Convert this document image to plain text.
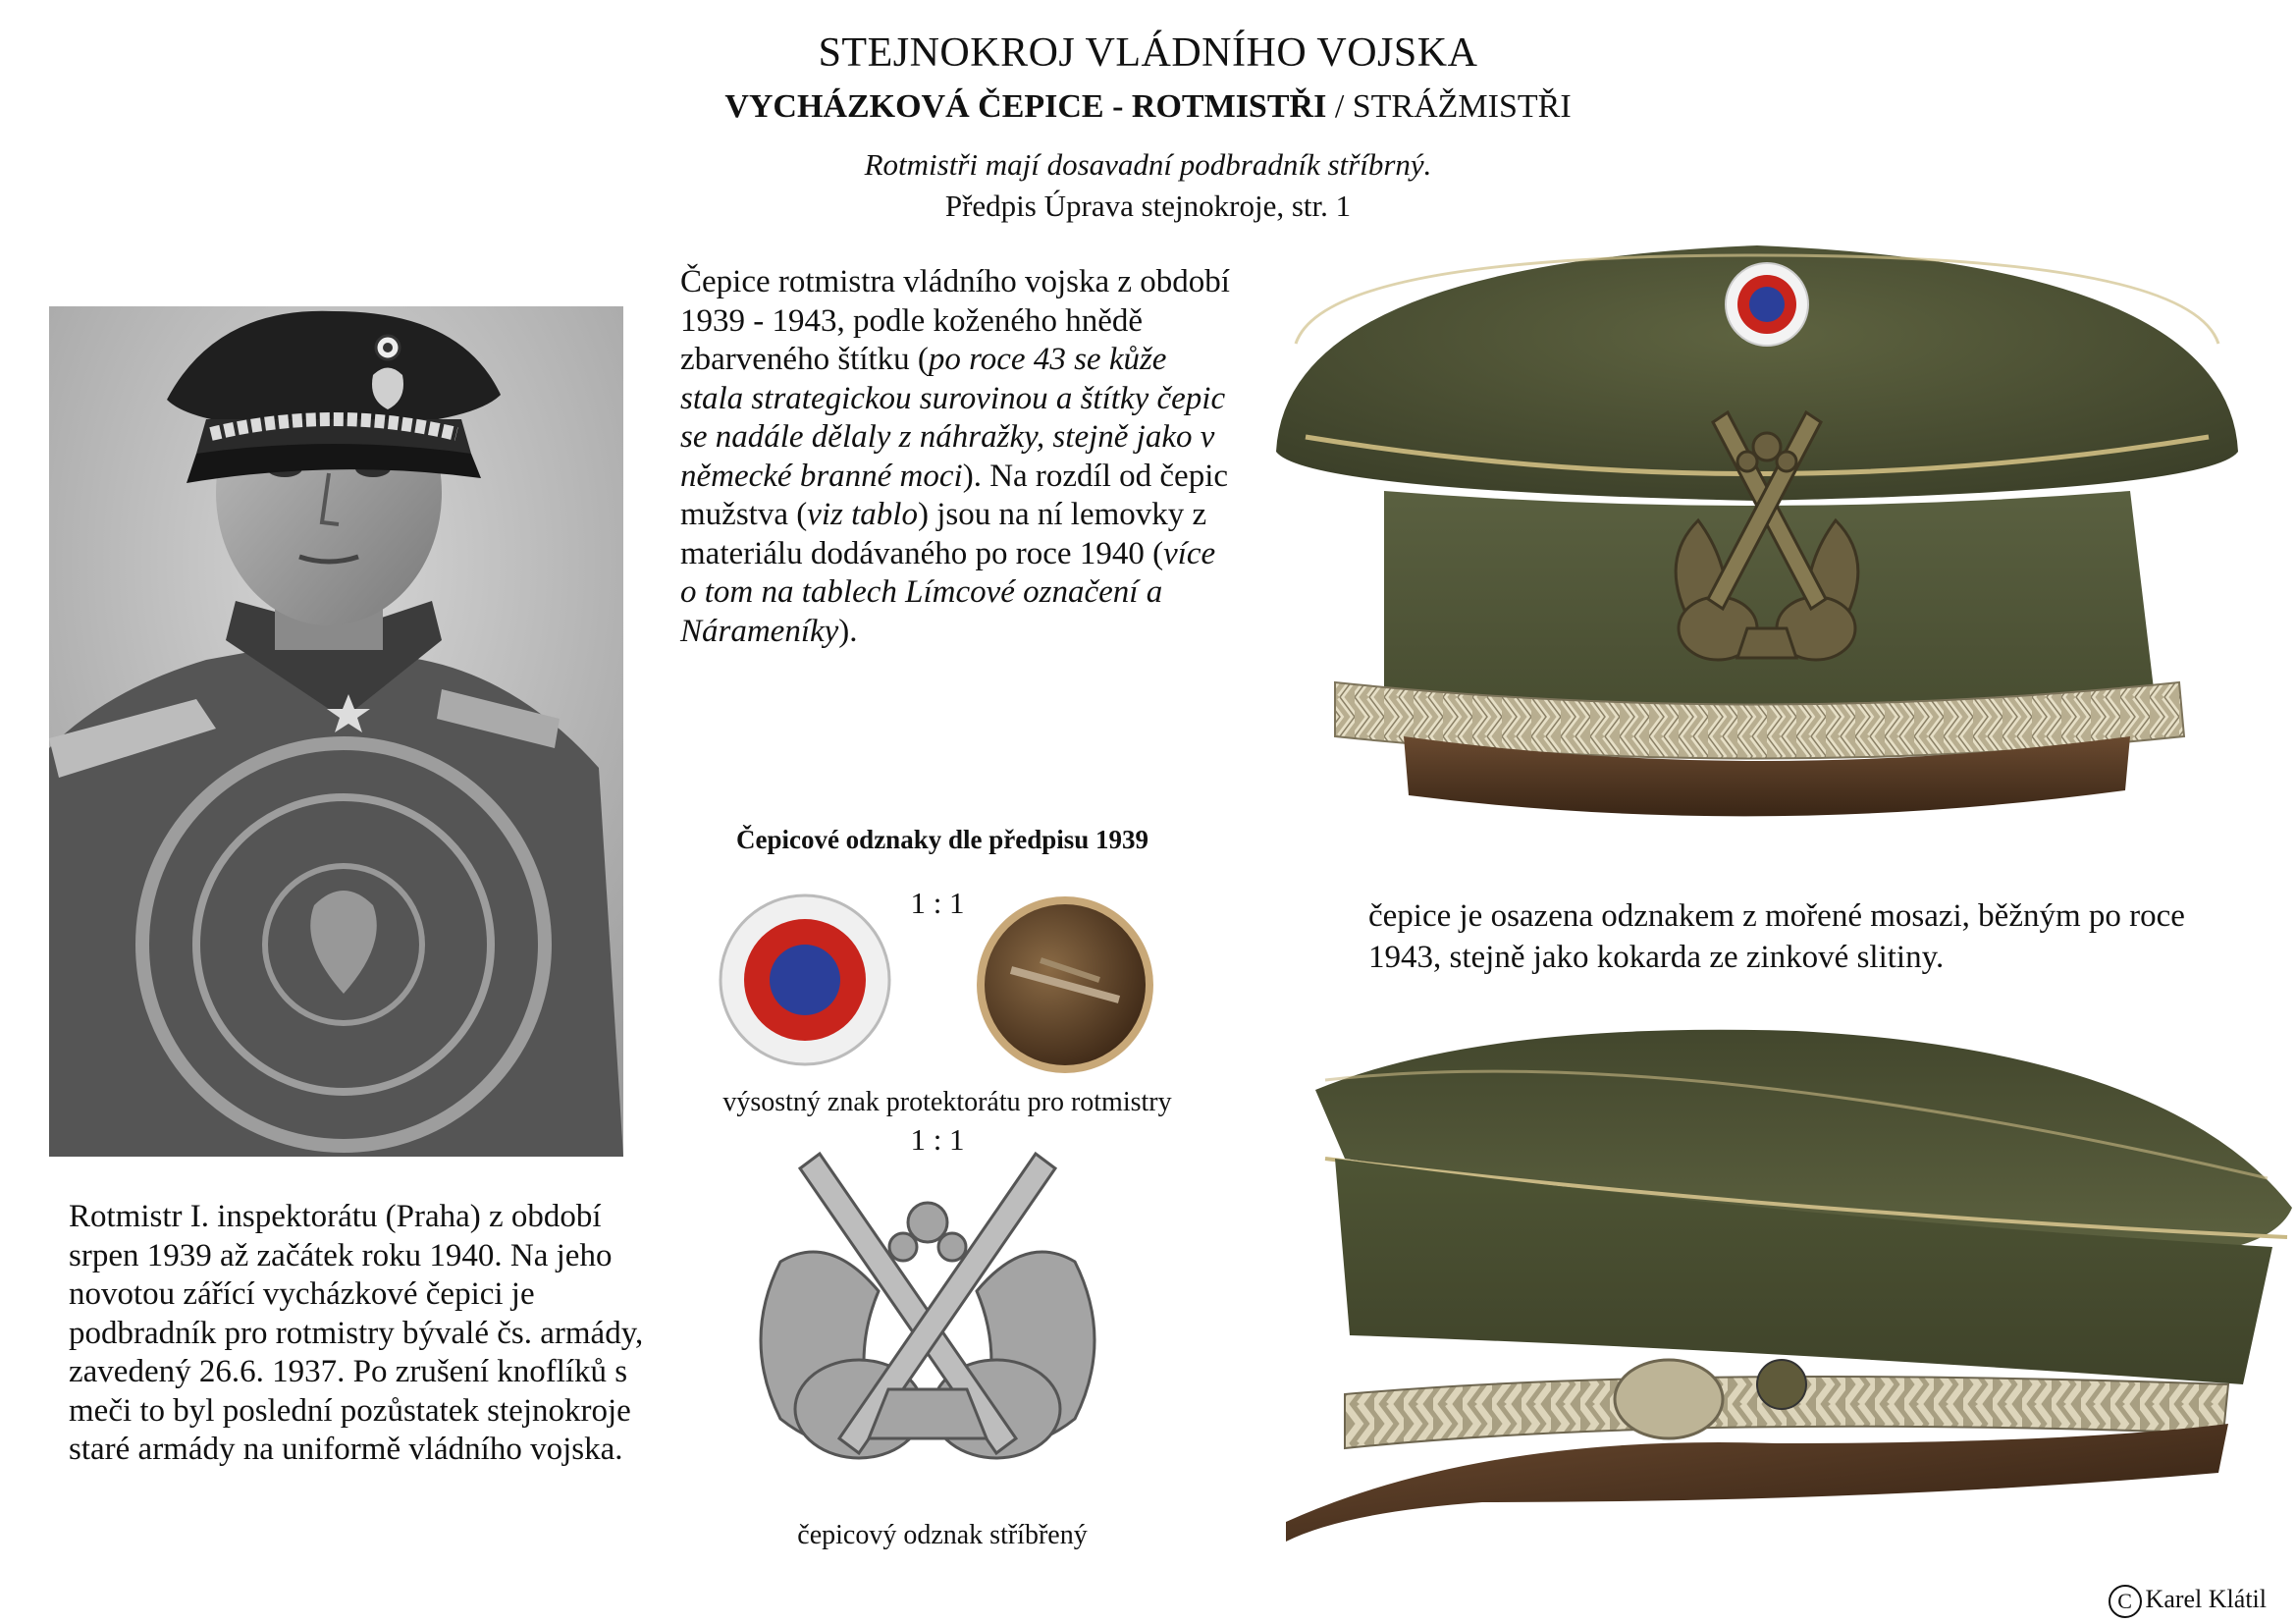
STEJNOKROJ VLÁDNÍHO VOJSKA
VYCHÁZKOVÁ ČEPICE - ROTMISTŘI / STRÁŽMISTŘI
Rotmistři mají dosavadní podbradník stříbrný.
Předpis Úprava stejnokroje, str. 1
Čepice rotmistra vládního vojska z období 1939 - 1943, podle koženého hnědě zbarveného štítku (po roce 43 se kůže stala strategickou surovinou a štítky čepic se nadále dělaly z náhražky, stejně jako v německé branné moci). Na rozdíl od čepic mužstva (viz tablo) jsou na ní lemovky z materiálu dodávaného po roce 1940 (více o tom na tablech Límcové označení a Nárameníky).
Čepicové odznaky dle předpisu 1939
1 : 1
výsostný znak protektorátu pro rotmistry
1 : 1
čepicový odznak stříbřený
Rotmistr I. inspektorátu (Praha) z období srpen 1939 až začátek roku 1940. Na jeho novotou zářící vycházkové čepici je podbradník pro rotmistry bývalé čs. armády, zavedený 26.6. 1937. Po zrušení knoflíků s meči to byl poslední pozůstatek stejnokroje staré armády na uniformě vládního vojska.
čepice je osazena odznakem z mořené mosazi, běžným po roce 1943, stejně jako kokarda ze zinkové slitiny.
C Karel Klátil
